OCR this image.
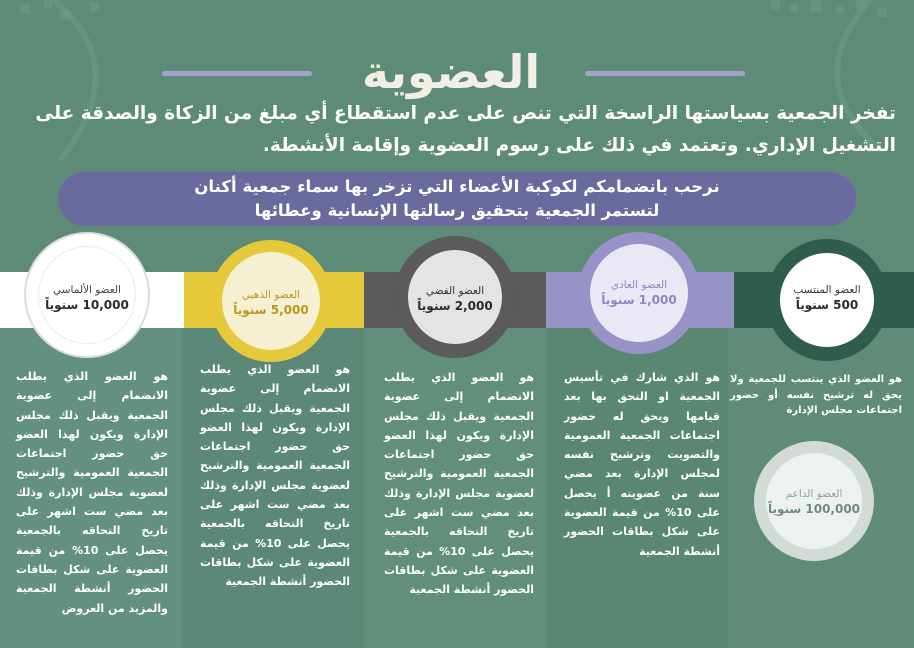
العضوية

تفخر الجمعية بسياستها الراسخة التي تنص على عدم استقطاع أي مبلغ من الزكاة والصدقة على التشغيل الإداري. وتعتمد في ذلك على رسوم العضوية وإقامة الأنشطة.

نرحب بانضمامكم لكوكبة الأعضاء التي تزخر بها سماء جمعية أكنان
لتستمر الجمعية بتحقيق رسالتها الإنسانية وعطائها
العضو المنتسب
500 سنوياً
العضو العادي
1,000 سنوياً
العضو الفضي
2,000 سنوياً
العضو الذهبي
5,000 سنوياً
العضو الألماسي
10,000 سنوياً
العضو الداعم
100,000 سنوياً

هو العضو الذي ينتسب للجمعية ولا يحق له ترشيح نفسه أو حضور اجتماعات مجلس الإدارة

هو الذي شارك في تأسيس الجمعية او التحق بها بعد قيامها ويحق له حضور اجتماعات الجمعية العمومية والتصويت وترشيح نفسه لمجلس الإدارة بعد مضي سنة من عضويته أ يحصل على 10% من قيمة العضوية على شكل بطاقات الحضور أنشطة الجمعية

هو العضو الذي يطلب الانضمام إلى عضوية الجمعية ويقبل ذلك مجلس الإدارة ويكون لهذا العضو حق حضور اجتماعات الجمعية العمومية والترشيح لعضوية مجلس الإدارة وذلك بعد مضي ست اشهر على تاريخ التحاقه بالجمعية يحصل على 10% من قيمة العضوية على شكل بطاقات الحضور أنشطة الجمعية

هو العضو الذي يطلب الانضمام إلى عضوية الجمعية ويقبل ذلك مجلس الإدارة ويكون لهذا العضو حق حضور اجتماعات الجمعية العمومية والترشيح لعضوية مجلس الإدارة وذلك بعد مضي ست اشهر على تاريخ التحاقه بالجمعية يحصل على 10% من قيمة العضوية على شكل بطاقات الحضور أنشطة الجمعية

هو العضو الذي يطلب الانضمام إلى عضوية الجمعية ويقبل ذلك مجلس الإدارة ويكون لهذا العضو حق حضور اجتماعات الجمعية العمومية والترشيح لعضوية مجلس الإدارة وذلك بعد مضي ست اشهر على تاريخ التحاقه بالجمعية يحصل على 10% من قيمة العضوية على شكل بطاقات الحضور أنشطة الجمعية والمزيد من العروض
